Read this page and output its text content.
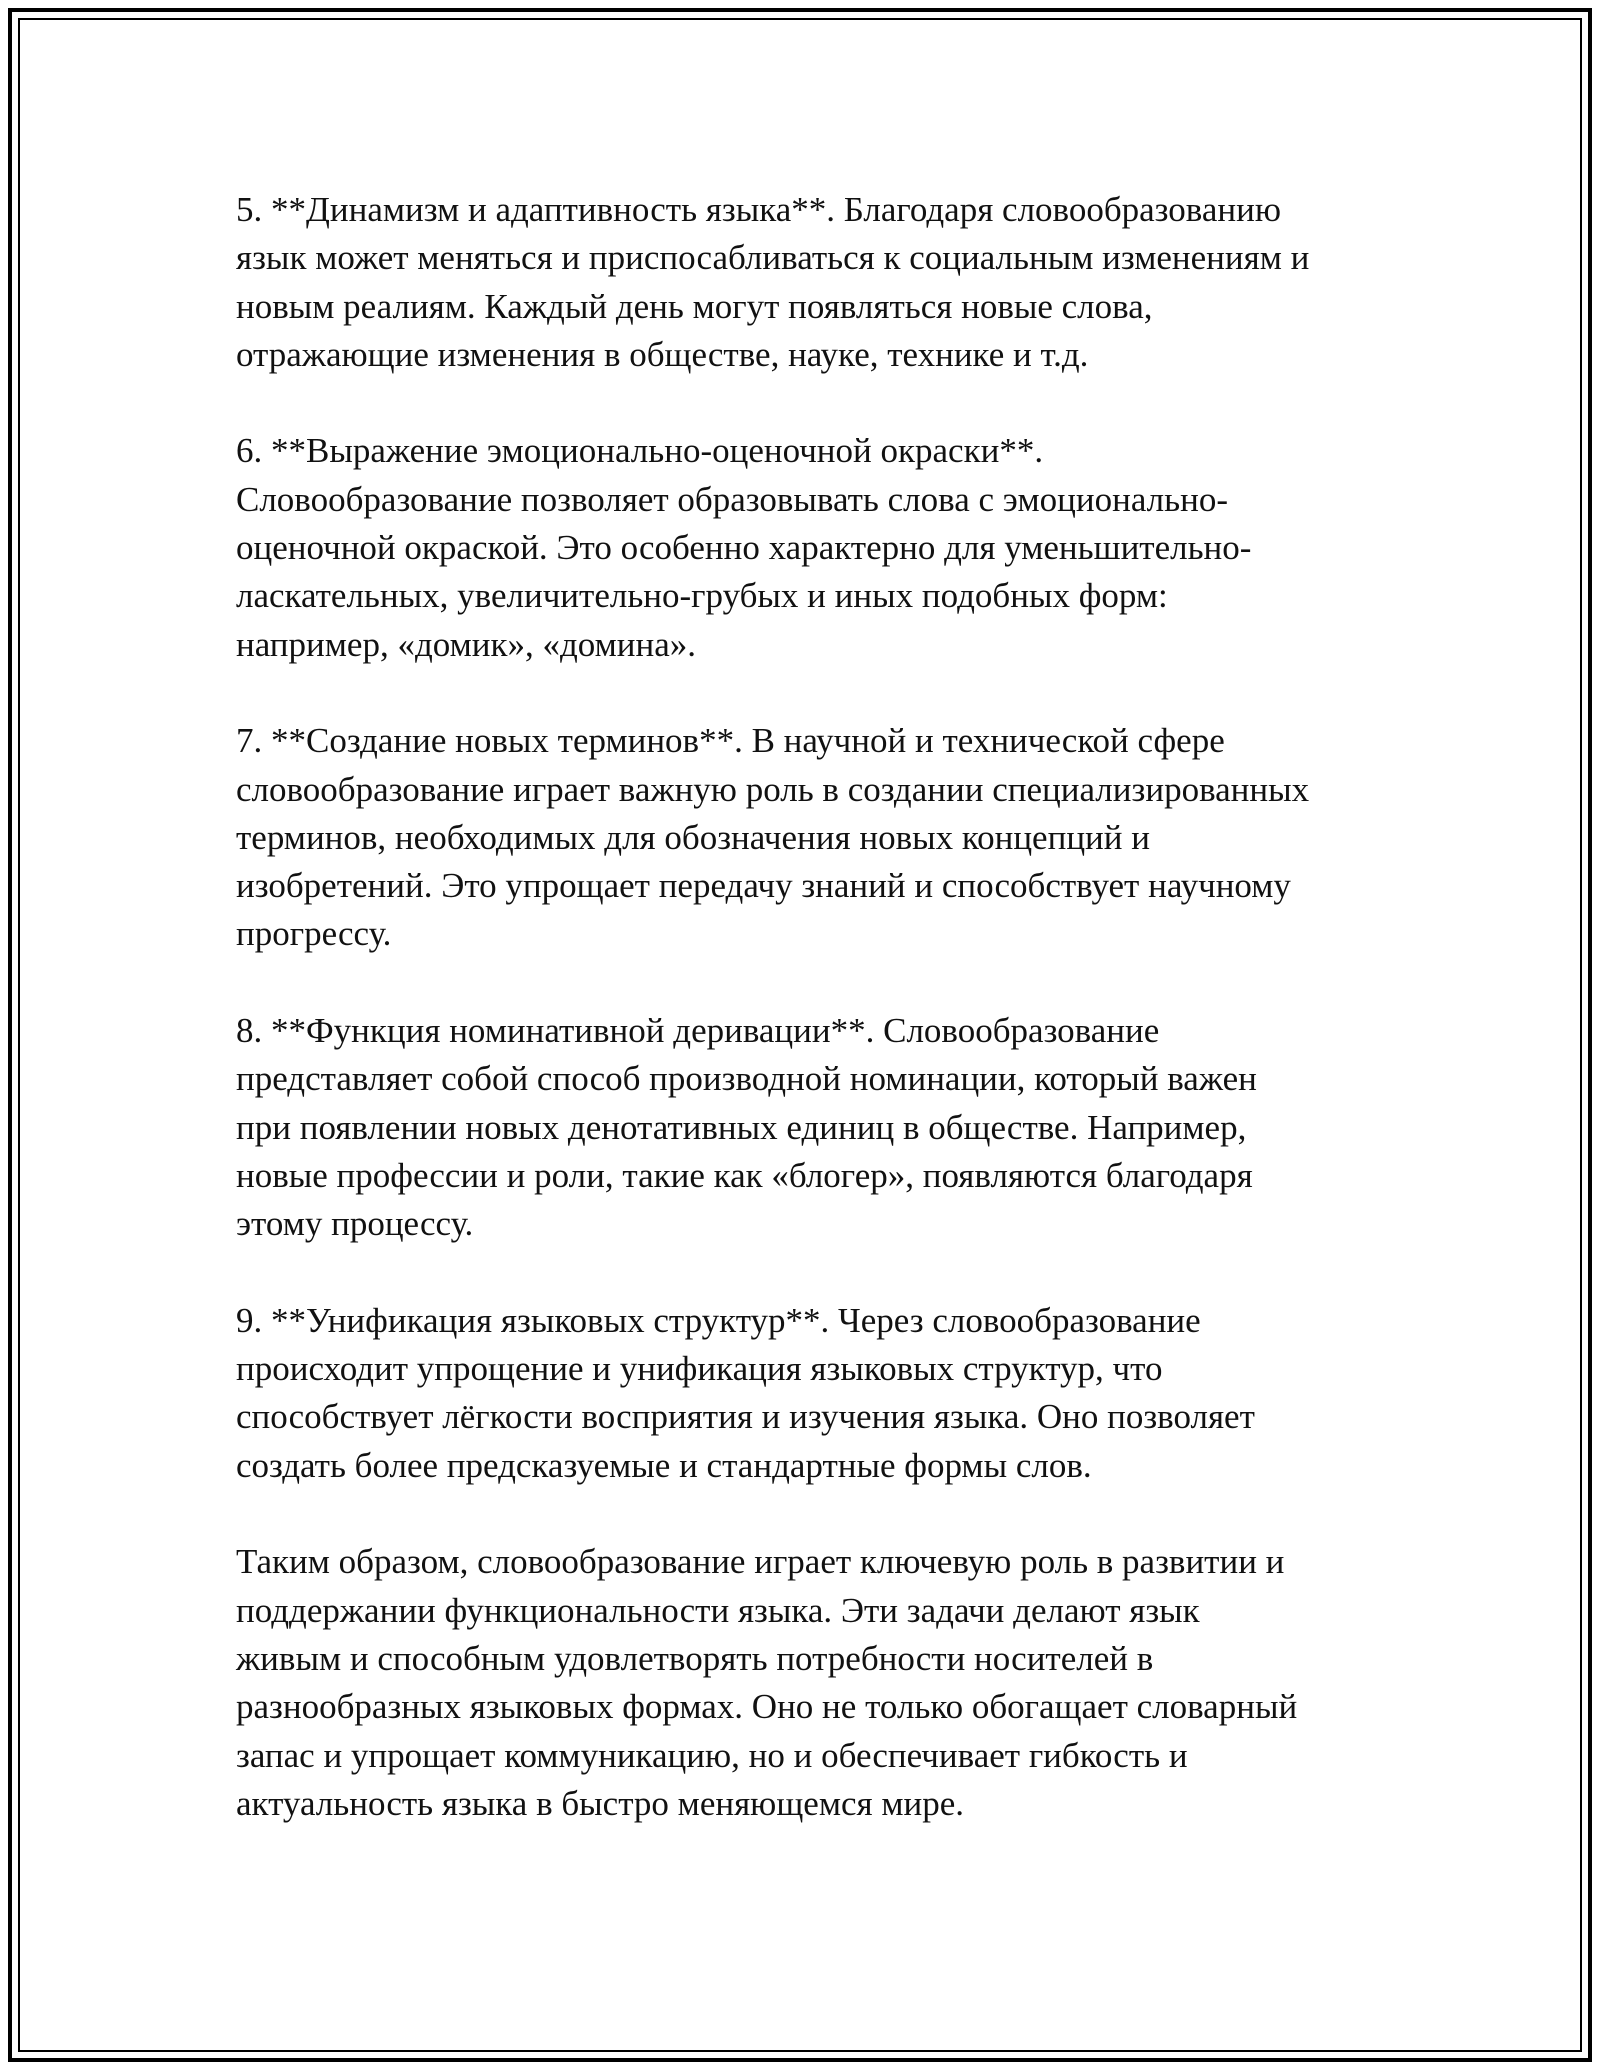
5. **Динамизм и адаптивность языка**. Благодаря словообразованию
язык может меняться и приспосабливаться к социальным изменениям и
новым реалиям. Каждый день могут появляться новые слова,
отражающие изменения в обществе, науке, технике и т.д.

6. **Выражение эмоционально-оценочной окраски**.
Словообразование позволяет образовывать слова с эмоционально-
оценочной окраской. Это особенно характерно для уменьшительно-
ласкательных, увеличительно-грубых и иных подобных форм:
например, «домик», «домина».

7. **Создание новых терминов**. В научной и технической сфере
словообразование играет важную роль в создании специализированных
терминов, необходимых для обозначения новых концепций и
изобретений. Это упрощает передачу знаний и способствует научному
прогрессу.

8. **Функция номинативной деривации**. Словообразование
представляет собой способ производной номинации, который важен
при появлении новых денотативных единиц в обществе. Например,
новые профессии и роли, такие как «блогер», появляются благодаря
этому процессу.

9. **Унификация языковых структур**. Через словообразование
происходит упрощение и унификация языковых структур, что
способствует лёгкости восприятия и изучения языка. Оно позволяет
создать более предсказуемые и стандартные формы слов.

Таким образом, словообразование играет ключевую роль в развитии и
поддержании функциональности языка. Эти задачи делают язык
живым и способным удовлетворять потребности носителей в
разнообразных языковых формах. Оно не только обогащает словарный
запас и упрощает коммуникацию, но и обеспечивает гибкость и
актуальность языка в быстро меняющемся мире.
